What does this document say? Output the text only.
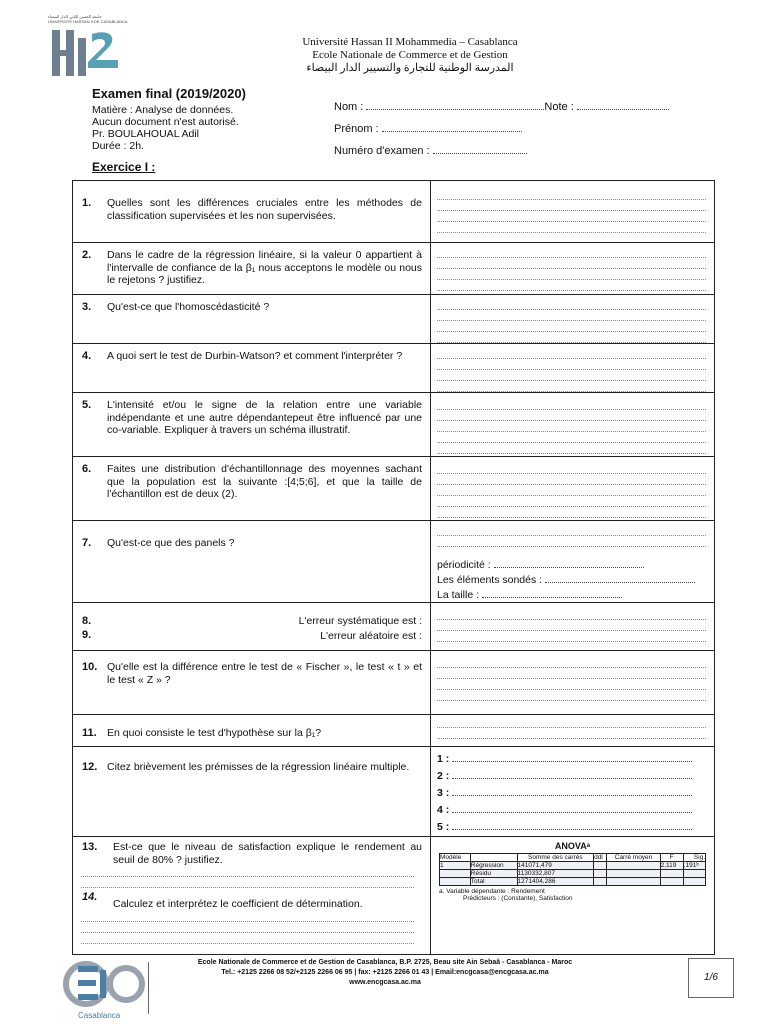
جامعة الحسن الثاني الدار البيضاء
UNIVERSITÉ HASSAN II DE CASABLANCA
Université Hassan II Mohammedia – Casablanca
Ecole Nationale de Commerce et de Gestion
المدرسة الوطنية للتجارة والتسيير الدار البيضاء
Examen final (2019/2020)
Matière : Analyse de données.
Aucun document n'est autorisé.
Pr. BOULAHOUAL Adil
Durée : 2h.
Nom :	Note :
Prénom :
Numéro d'examen :
Exercice I :
1. Quelles sont les différences cruciales entre les méthodes de classification supervisées et les non supervisées.	

2. Dans le cadre de la régression linéaire, si la valeur 0 appartient à l'intervalle de confiance de la β₁ nous acceptons le modèle ou nous le rejetons ? justifiez.	

3. Qu'est-ce que l'homoscédasticité ?	

4. A quoi sert le test de Durbin-Watson? et comment l'interpréter ?	

5. L'intensité et/ou le signe de la relation entre une variable indépendante et une autre dépendantepeut être influencé par une co-variable. Expliquer à travers un schéma illustratif.	

6. Faites une distribution d'échantillonnage des moyennes sachant que la population est la suivante :[4;5;6], et que la taille de l'échantillon est de deux (2).	

7. Qu'est-ce que des panels ?	
périodicité :
Les éléments sondés :
La taille :

8.
9.
L'erreur systématique est :
L'erreur aléatoire est :

10. Qu'elle est la différence entre le test de « Fischer », le test « t » et le test « Z » ?	

11. En quoi consiste le test d'hypothèse sur la β₁?	

12. Citez brièvement les prémisses de la régression linéaire multiple.	
1 :
2 :
3 :
4 :
5 :

13. Est-ce que le niveau de satisfaction explique le rendement au seuil de 80% ? justifiez.
14.
Calculez et interprétez le coefficient de détermination.

ANOVAᵃ
Modèle		Somme des carrés	ddl	Carré moyen	F	Sig.
1	Régression	141071,479			2,119	,191ᵇ
	Résidu	1130332,807				
	Total	1271404,286				
a. Variable dépendante : Rendement
Prédicteurs : (Constante), Satisfaction
Casablanca
Ecole Nationale de Commerce et de Gestion de Casablanca, B.P. 2725, Beau site Ain Sebaâ - Casablanca - Maroc
Tel.: +2125 2266 08 52/+2125 2266 06 95 | fax: +2125 2266 01 43 | Email:encgcasa@encgcasa.ac.ma
www.encgcasa.ac.ma	1/6
